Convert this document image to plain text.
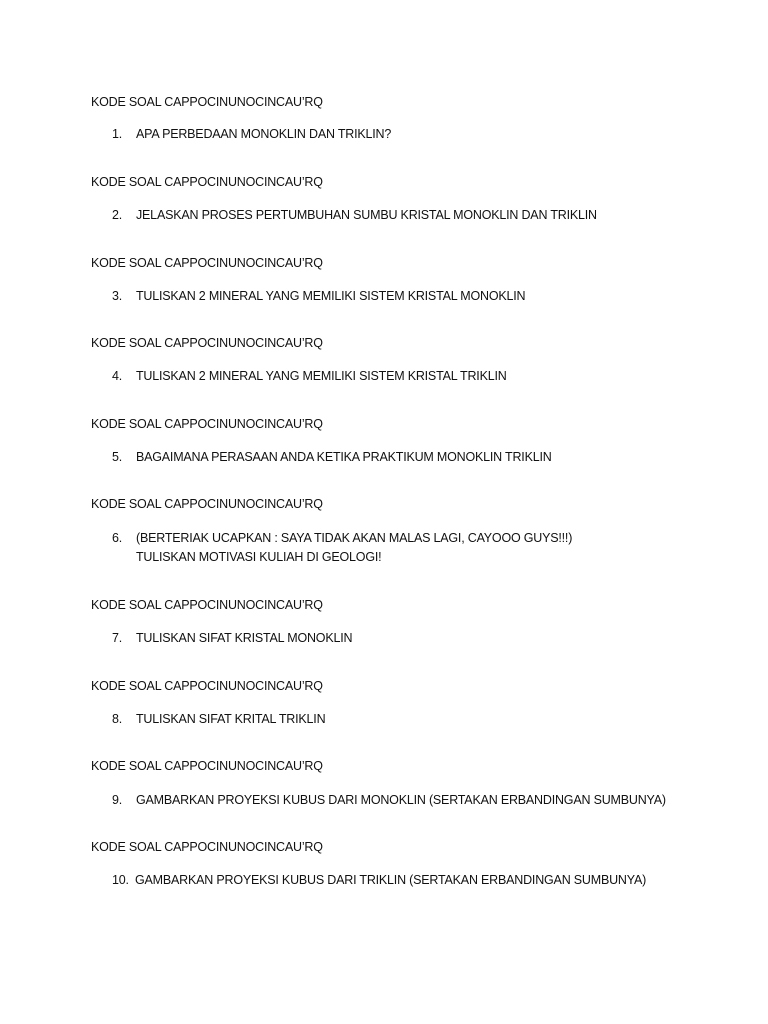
KODE SOAL CAPPOCINUNOCINCAU’RQ
1. APA PERBEDAAN MONOKLIN DAN TRIKLIN?
KODE SOAL CAPPOCINUNOCINCAU’RQ
2. JELASKAN PROSES PERTUMBUHAN SUMBU KRISTAL MONOKLIN DAN TRIKLIN
KODE SOAL CAPPOCINUNOCINCAU’RQ
3. TULISKAN 2 MINERAL YANG MEMILIKI SISTEM KRISTAL MONOKLIN
KODE SOAL CAPPOCINUNOCINCAU’RQ
4. TULISKAN 2 MINERAL YANG MEMILIKI SISTEM KRISTAL TRIKLIN
KODE SOAL CAPPOCINUNOCINCAU’RQ
5. BAGAIMANA PERASAAN ANDA KETIKA PRAKTIKUM MONOKLIN TRIKLIN
KODE SOAL CAPPOCINUNOCINCAU’RQ
6. (BERTERIAK UCAPKAN : SAYA TIDAK AKAN MALAS LAGI, CAYOOO GUYS!!!)
TULISKAN MOTIVASI KULIAH DI GEOLOGI!
KODE SOAL CAPPOCINUNOCINCAU’RQ
7. TULISKAN SIFAT KRISTAL MONOKLIN
KODE SOAL CAPPOCINUNOCINCAU’RQ
8. TULISKAN SIFAT KRITAL TRIKLIN
KODE SOAL CAPPOCINUNOCINCAU’RQ
9. GAMBARKAN PROYEKSI KUBUS DARI MONOKLIN (SERTAKAN ERBANDINGAN SUMBUNYA)
KODE SOAL CAPPOCINUNOCINCAU’RQ
10. GAMBARKAN PROYEKSI KUBUS DARI TRIKLIN (SERTAKAN ERBANDINGAN SUMBUNYA)
